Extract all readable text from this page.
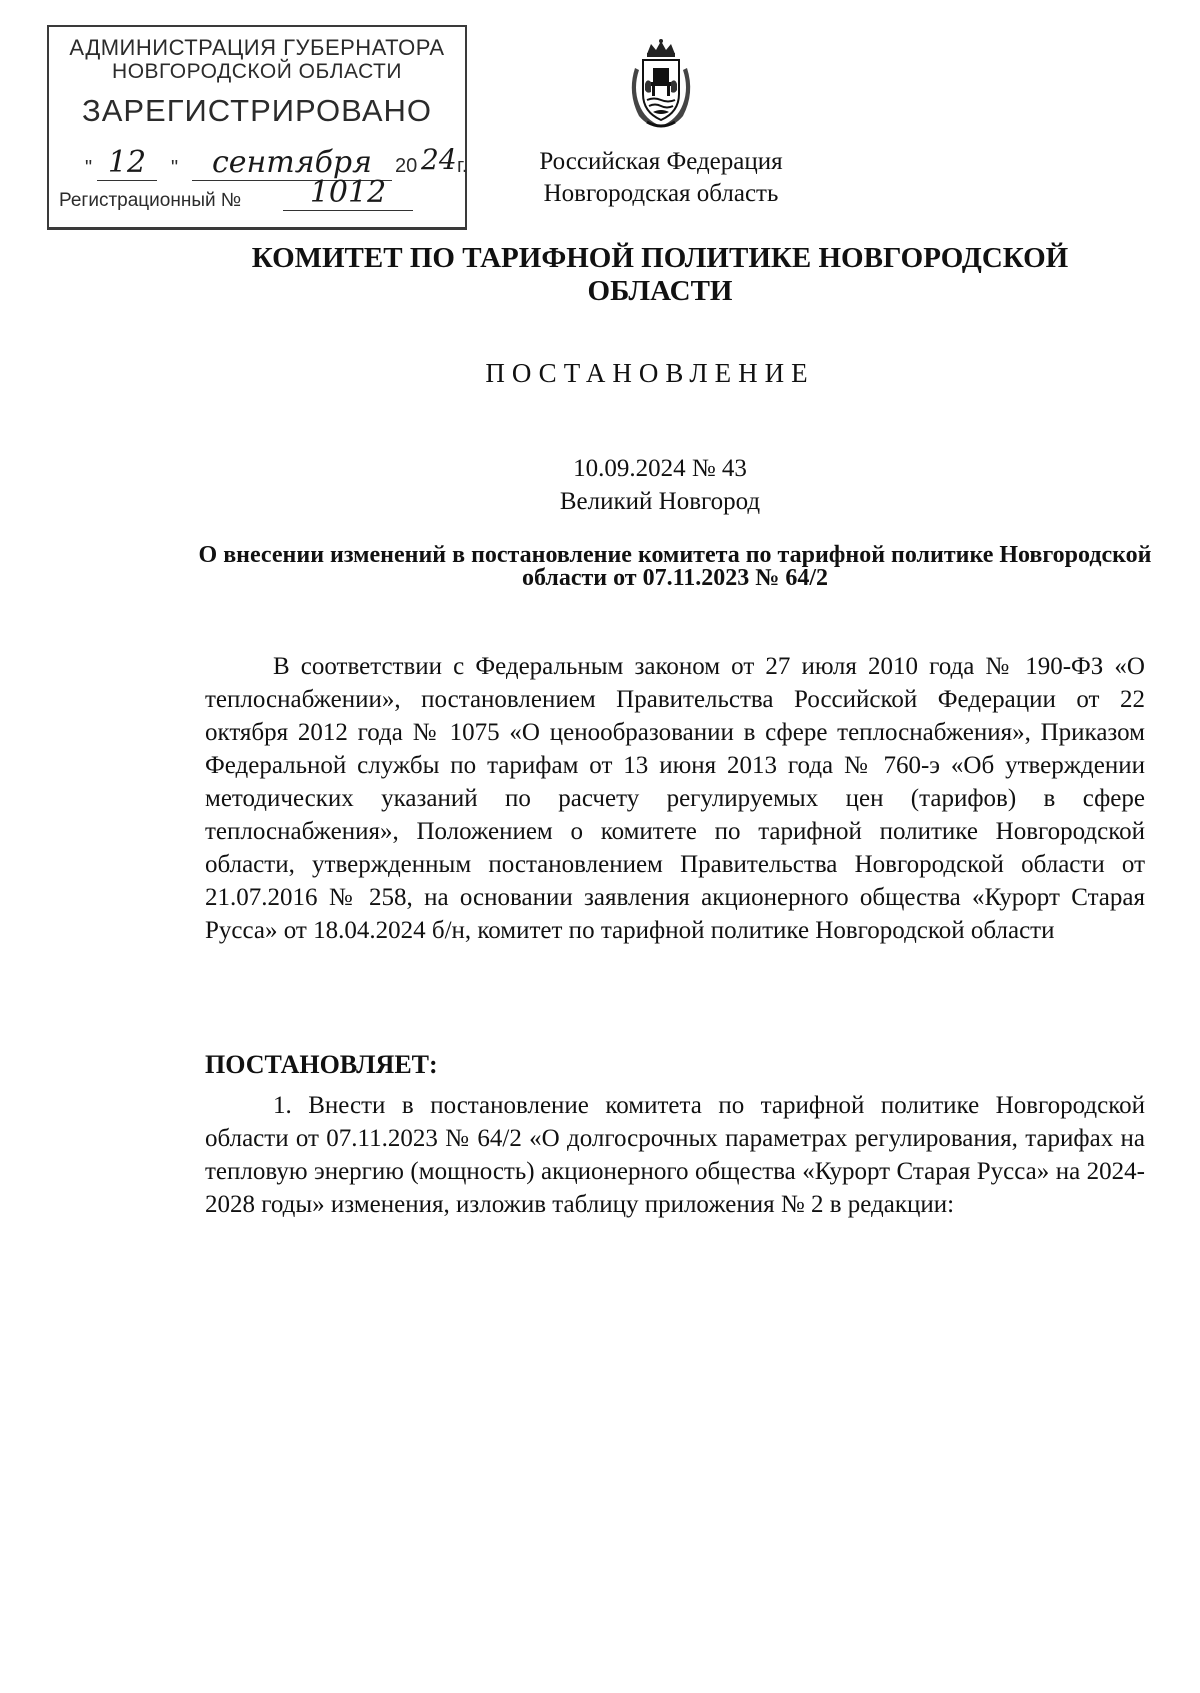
АДМИНИСТРАЦИЯ ГУБЕРНАТОРА
НОВГОРОДСКОЙ ОБЛАСТИ
ЗАРЕГИСТРИРОВАНО
" 12	"	сентября	20 24 г.
Регистрационный №	1012
Российская Федерация
Новгородская область
КОМИТЕТ ПО ТАРИФНОЙ ПОЛИТИКЕ НОВГОРОДСКОЙ ОБЛАСТИ
ПОСТАНОВЛЕНИЕ
10.09.2024 № 43
Великий Новгород
О внесении изменений в постановление комитета по тарифной политике Новгородской области от 07.11.2023 № 64/2
В соответствии с Федеральным законом от 27 июля 2010 года № 190-ФЗ «О теплоснабжении», постановлением Правительства Российской Федерации от 22 октября 2012 года № 1075 «О ценообразовании в сфере теплоснабжения», Приказом Федеральной службы по тарифам от 13 июня 2013 года № 760-э «Об утверждении методических указаний по расчету регулируемых цен (тарифов) в сфере теплоснабжения», Положением о комитете по тарифной политике Новгородской области, утвержденным постановлением Правительства Новгородской области от 21.07.2016 № 258, на основании заявления акционерного общества «Курорт Старая Русса» от 18.04.2024 б/н, комитет по тарифной политике Новгородской области
ПОСТАНОВЛЯЕТ:
1. Внести в постановление комитета по тарифной политике Новгородской области от 07.11.2023 № 64/2 «О долгосрочных параметрах регулирования, тарифах на тепловую энергию (мощность) акционерного общества «Курорт Старая Русса» на 2024-2028 годы» изменения, изложив таблицу приложения № 2 в редакции:
